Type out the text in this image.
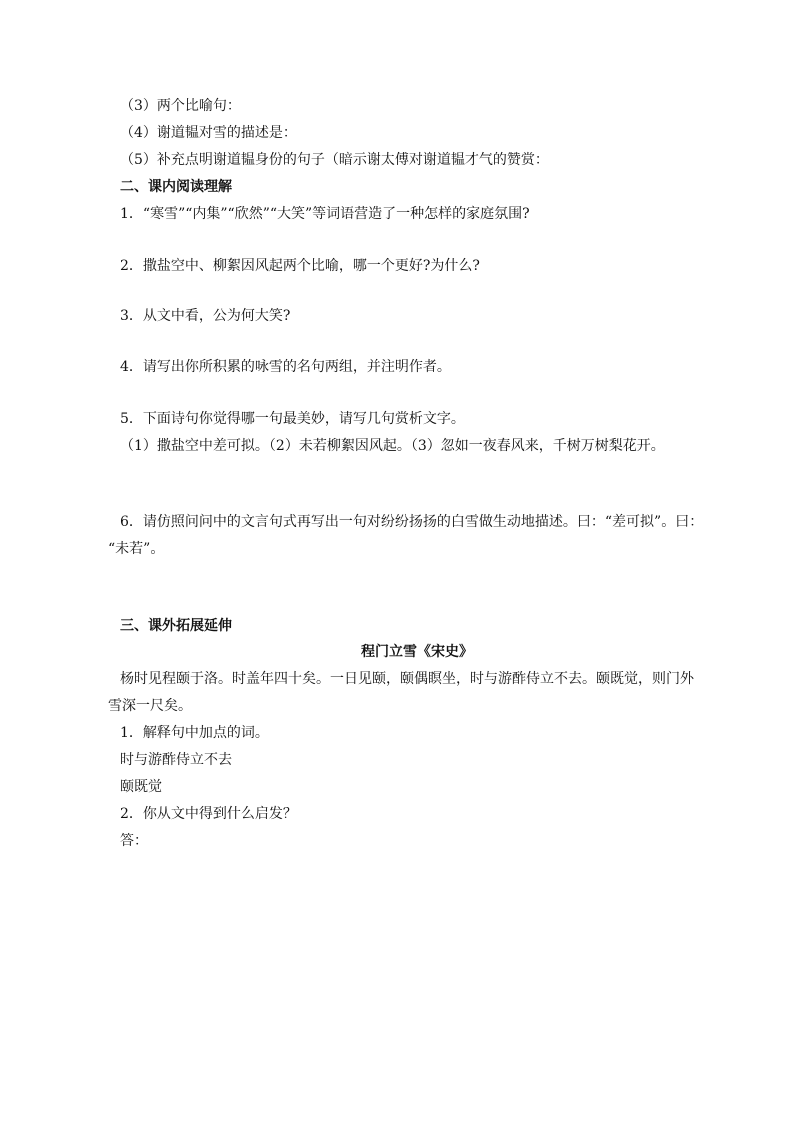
（3）两个比喻句：
（4）谢道韫对雪的描述是：
（5）补充点明谢道韫身份的句子（暗示谢太傅对谢道韫才气的赞赏：
二、课内阅读理解
1．“寒雪”“内集”“欣然”“大笑”等词语营造了一种怎样的家庭氛围?
2．撒盐空中、柳絮因风起两个比喻，哪一个更好?为什么?
3．从文中看，公为何大笑?
4．请写出你所积累的咏雪的名句两组，并注明作者。
5．下面诗句你觉得哪一句最美妙，请写几句赏析文字。
（1）撒盐空中差可拟。（2）未若柳絮因风起。（3）忽如一夜春风来，千树万树梨花开。
6．请仿照问问中的文言句式再写出一句对纷纷扬扬的白雪做生动地描述。曰：“差可拟”。曰：
“未若”。
三、课外拓展延伸
程门立雪《宋史》
杨时见程颐于洛。时盖年四十矣。一日见颐，颐偶瞑坐，时与游酢侍立不去。颐既觉，则门外
雪深一尺矣。
1．解释句中加点的词。
时与游酢侍立不去
颐既觉
2．你从文中得到什么启发？
答：
